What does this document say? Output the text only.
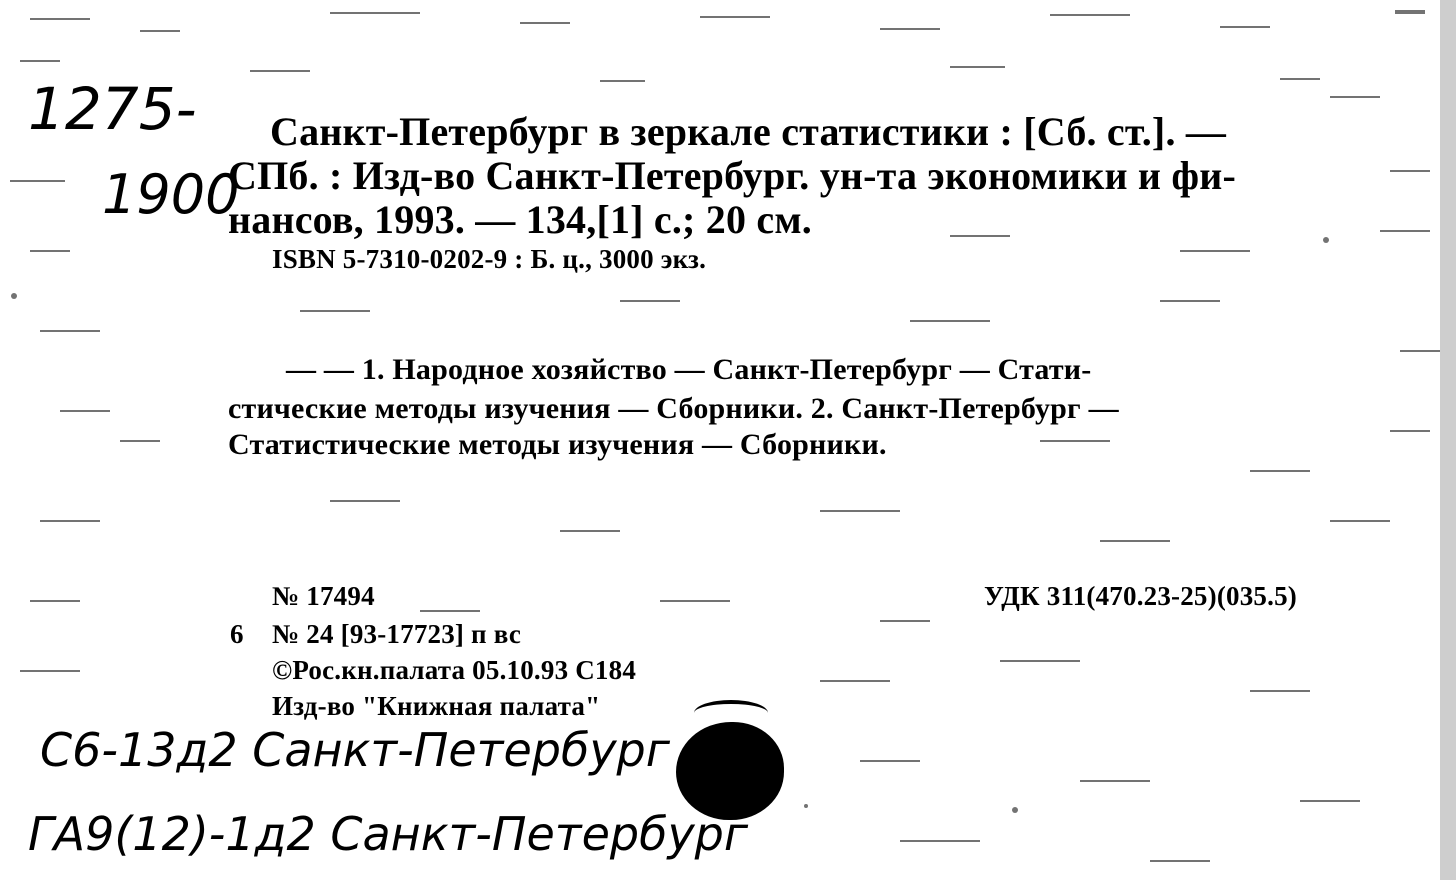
1275-
1900
Санкт-Петербург в зеркале статистики : [Сб. ст.]. —
СПб. : Изд-во Санкт-Петербург. ун-та экономики и фи-
нансов, 1993. — 134,[1] с.; 20 см.
ISBN 5-7310-0202-9 : Б. ц., 3000 экз.
— — 1. Народное хозяйство — Санкт-Петербург — Стати-
стические методы изучения — Сборники. 2. Санкт-Петербург —
Статистические методы изучения — Сборники.
№ 17494
6 № 24 [93-17723] п вс
©Рос.кн.палата 05.10.93 С184
Изд-во "Книжная палата"
УДК 311(470.23-25)(035.5)
С6-13д2 Санкт-Петербург
ГА9(12)-1д2 Санкт-Петербург
